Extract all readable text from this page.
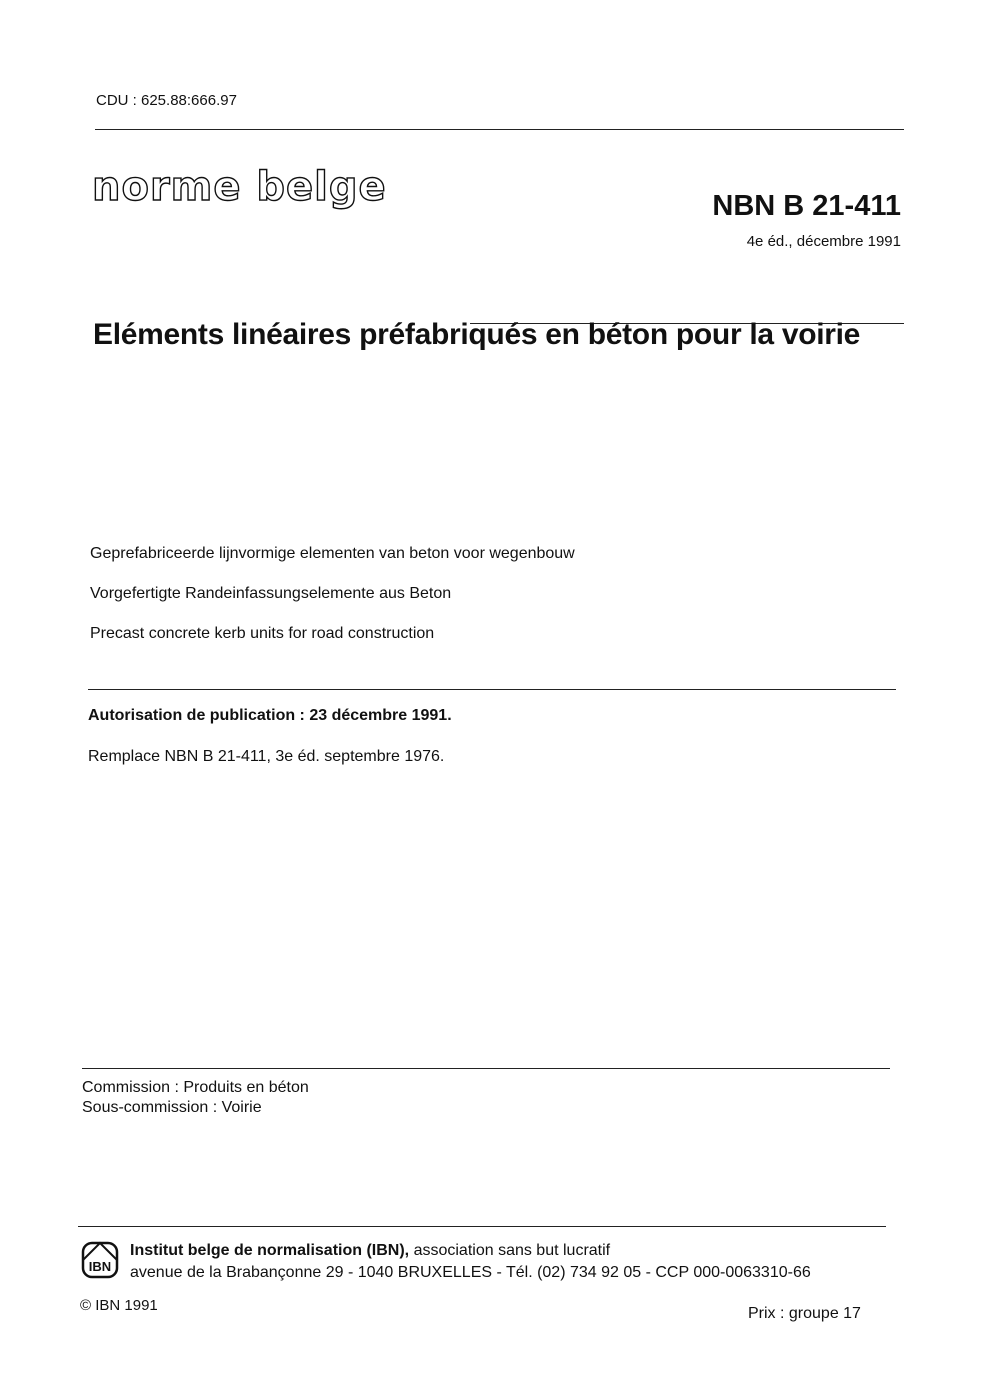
CDU : 625.88:666.97
norme belge	NBN B 21-411
4e éd., décembre 1991
Eléments linéaires préfabriqués en béton pour la voirie
Geprefabriceerde lijnvormige elementen van beton voor wegenbouw
Vorgefertigte Randeinfassungselemente aus Beton
Precast concrete kerb units for road construction
Autorisation de publication : 23 décembre 1991.
Remplace NBN B 21-411, 3e éd. septembre 1976.
Commission : Produits en béton
Sous-commission : Voirie
IBN
Institut belge de normalisation (IBN), association sans but lucratif
avenue de la Brabançonne 29 - 1040 BRUXELLES - Tél. (02) 734 92 05 - CCP 000-0063310-66
© IBN 1991	Prix : groupe 17
